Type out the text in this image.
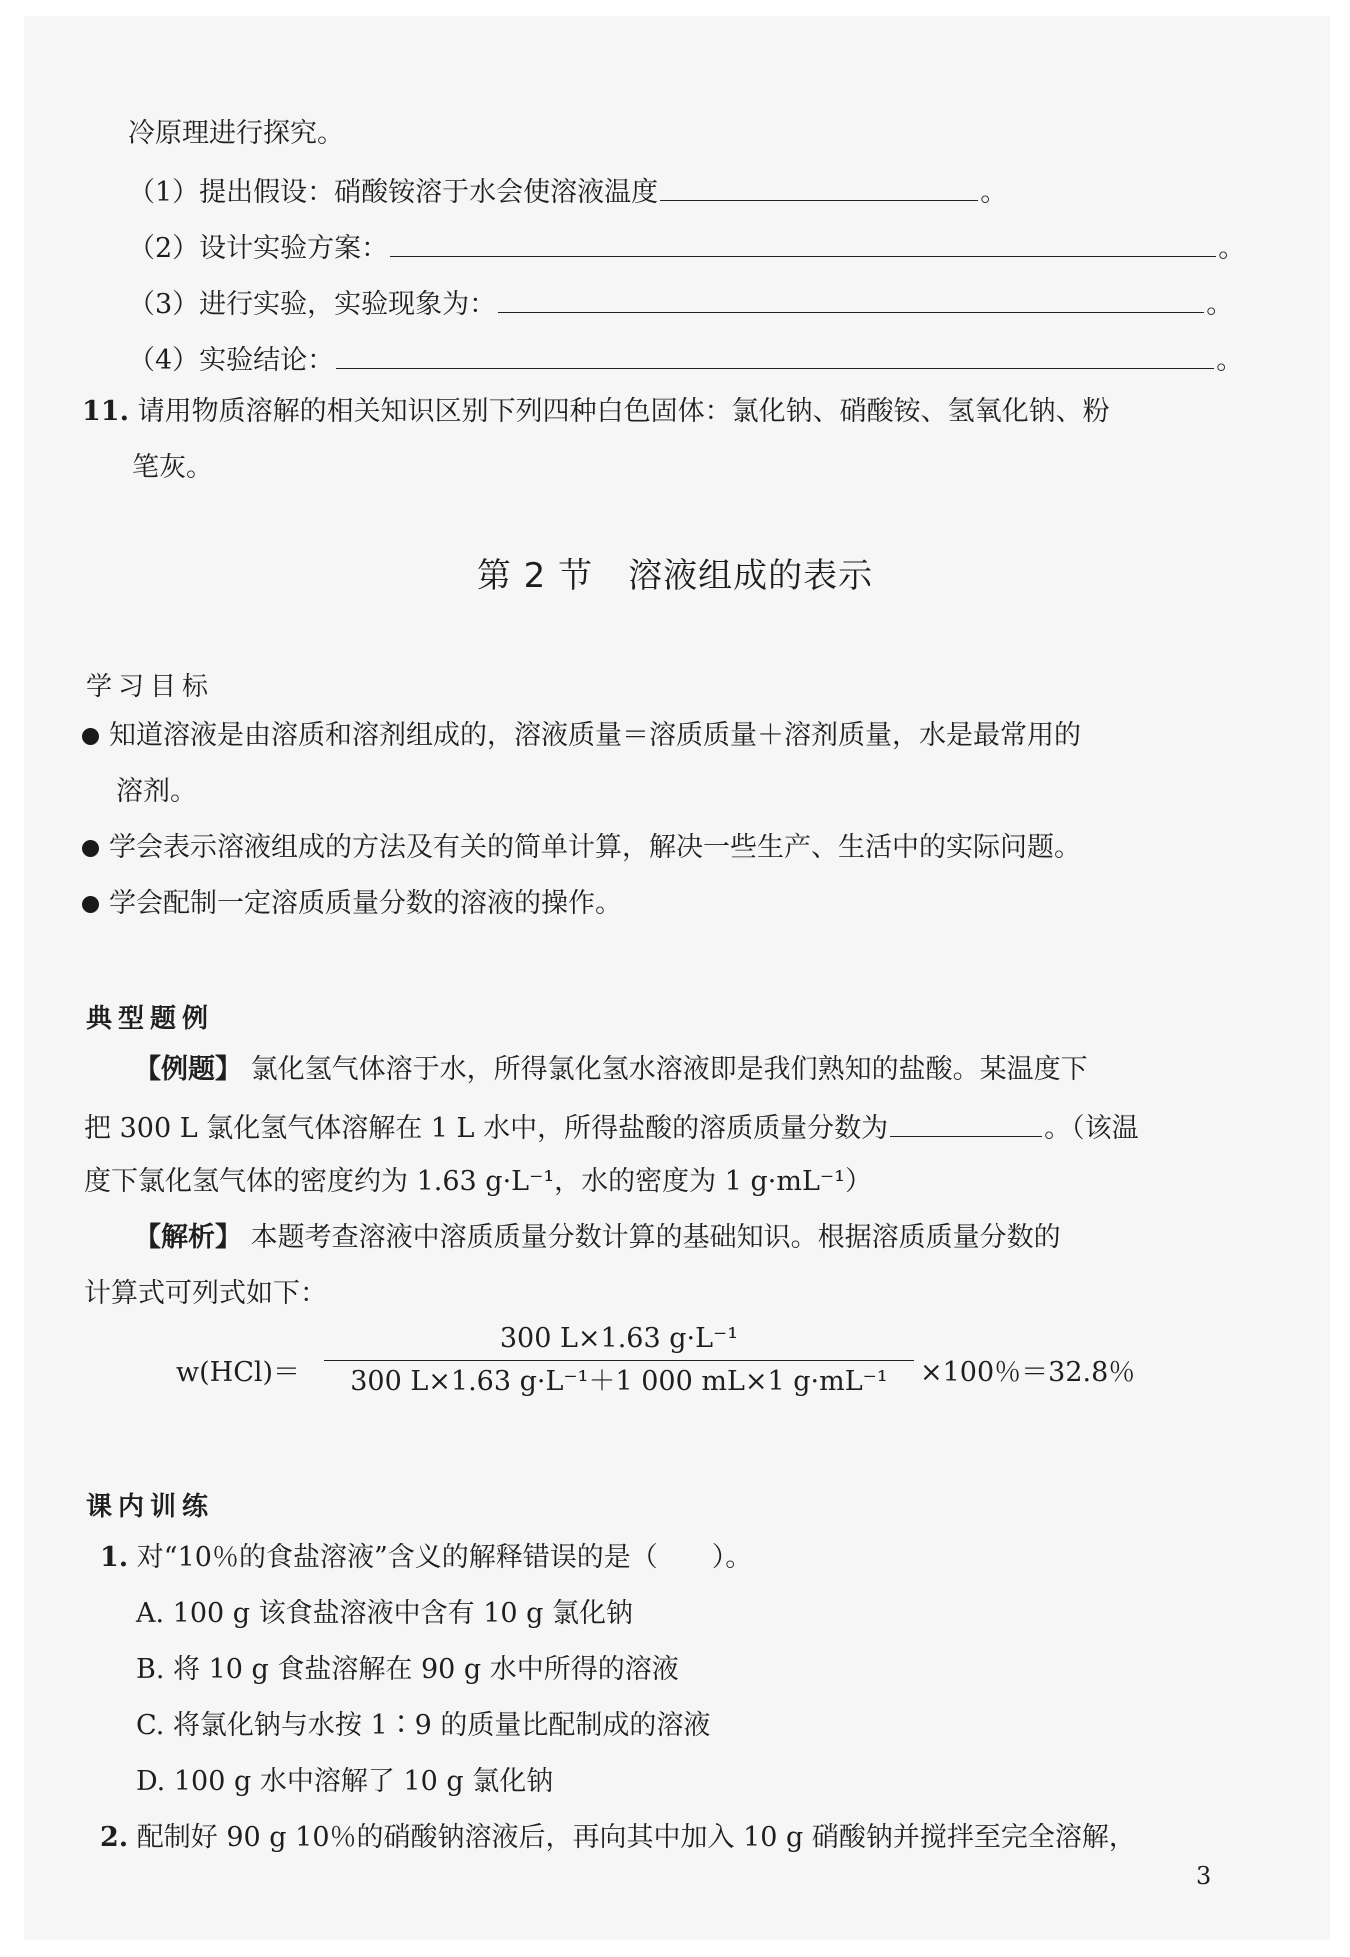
冷原理进行探究。
（1）提出假设：硝酸铵溶于水会使溶液温度	。
（2）设计实验方案：	。
（3）进行实验，实验现象为：	。
（4）实验结论：	。
11. 请用物质溶解的相关知识区别下列四种白色固体：氯化钠、硝酸铵、氢氧化钠、粉
笔灰。
第 2 节　溶液组成的表示
学习目标
知道溶液是由溶质和溶剂组成的，溶液质量＝溶质质量＋溶剂质量，水是最常用的
溶剂。
学会表示溶液组成的方法及有关的简单计算，解决一些生产、生活中的实际问题。
学会配制一定溶质质量分数的溶液的操作。
典型题例
【例题】 氯化氢气体溶于水，所得氯化氢水溶液即是我们熟知的盐酸。某温度下
把 300 L 氯化氢气体溶解在 1 L 水中，所得盐酸的溶质质量分数为	。（该温
度下氯化氢气体的密度约为 1.63 g·L⁻¹，水的密度为 1 g·mL⁻¹）
【解析】 本题考查溶液中溶质质量分数计算的基础知识。根据溶质质量分数的
计算式可列式如下：
w(HCl)＝
300 L×1.63 g·L⁻¹
300 L×1.63 g·L⁻¹＋1 000 mL×1 g·mL⁻¹	×100％＝32.8％
课内训练
1. 对“10％的食盐溶液”含义的解释错误的是（　　）。
A. 100 g 该食盐溶液中含有 10 g 氯化钠
B. 将 10 g 食盐溶解在 90 g 水中所得的溶液
C. 将氯化钠与水按 1∶9 的质量比配制成的溶液
D. 100 g 水中溶解了 10 g 氯化钠
2. 配制好 90 g 10％的硝酸钠溶液后，再向其中加入 10 g 硝酸钠并搅拌至完全溶解，
3
